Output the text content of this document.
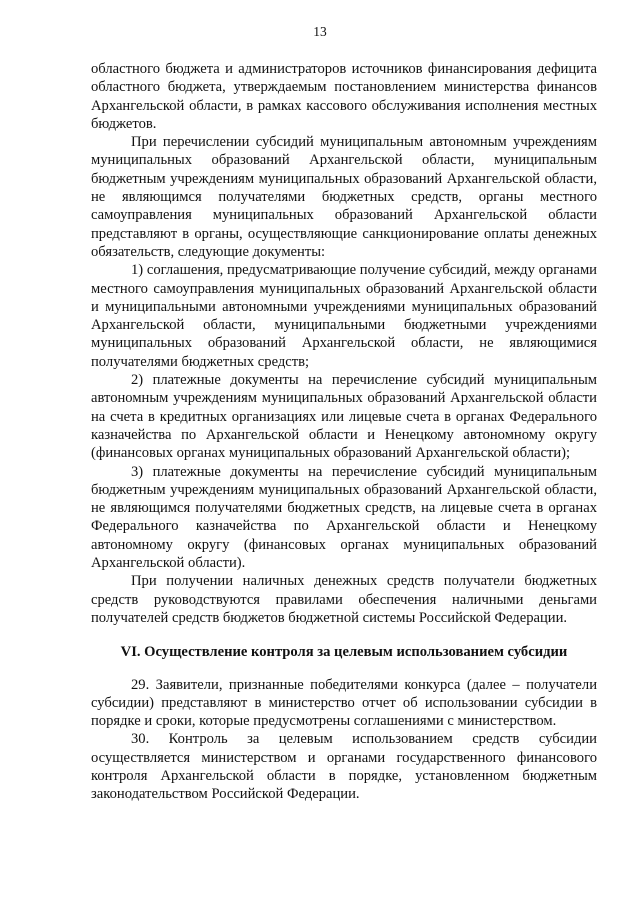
13

областного бюджета и администраторов источников финансирования дефицита областного бюджета, утверждаемым постановлением министерства финансов Архангельской области, в рамках кассового обслуживания исполнения местных бюджетов.

При перечислении субсидий муниципальным автономным учреждениям муниципальных образований Архангельской области, муниципальным бюджетным учреждениям муниципальных образований Архангельской области, не являющимся получателями бюджетных средств, органы местного самоуправления муниципальных образований Архангельской области представляют в органы, осуществляющие санкционирование оплаты денежных обязательств, следующие документы:

1) соглашения, предусматривающие получение субсидий, между органами местного самоуправления муниципальных образований Архангельской области и муниципальными автономными учреждениями муниципальных образований Архангельской области, муниципальными бюджетными учреждениями муниципальных образований Архангельской области, не являющимися получателями бюджетных средств;

2) платежные документы на перечисление субсидий муниципальным автономным учреждениям муниципальных образований Архангельской области на счета в кредитных организациях или лицевые счета в органах Федерального казначейства по Архангельской области и Ненецкому автономному округу (финансовых органах муниципальных образований Архангельской области);

3) платежные документы на перечисление субсидий муниципальным бюджетным учреждениям муниципальных образований Архангельской области, не являющимся получателями бюджетных средств, на лицевые счета в органах Федерального казначейства по Архангельской области и Ненецкому автономному округу (финансовых органах муниципальных образований Архангельской области).

При получении наличных денежных средств получатели бюджетных средств руководствуются правилами обеспечения наличными деньгами получателей средств бюджетов бюджетной системы Российской Федерации.

VI. Осуществление контроля за целевым использованием субсидии

29. Заявители, признанные победителями конкурса (далее – получатели субсидии) представляют в министерство отчет об использовании субсидии в порядке и сроки, которые предусмотрены соглашениями с министерством.

30. Контроль за целевым использованием средств субсидии осуществляется министерством и органами государственного финансового контроля Архангельской области в порядке, установленном бюджетным законодательством Российской Федерации.
